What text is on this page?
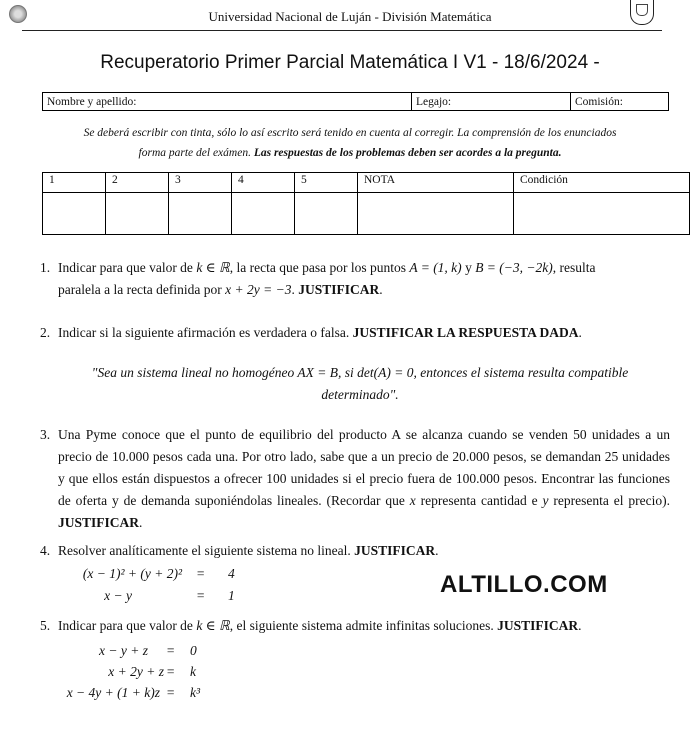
Universidad Nacional de Luján - División Matemática
Recuperatorio Primer Parcial Matemática I V1 - 18/6/2024 -
Nombre y apellido:	Legajo:	Comisión:
Se deberá escribir con tinta, sólo lo así escrito será tenido en cuenta al corregir. La comprensión de los enunciados
forma parte del exámen. Las respuestas de los problemas deben ser acordes a la pregunta.
1	2	3	4	5	NOTA	Condición

1. Indicar para que valor de k ∈ ℝ, la recta que pasa por los puntos A = (1, k) y B = (−3, −2k), resulta
paralela a la recta definida por x + 2y = −3. JUSTIFICAR.
2. Indicar si la siguiente afirmación es verdadera o falsa. JUSTIFICAR LA RESPUESTA DADA.
"Sea un sistema lineal no homogéneo AX = B, si det(A) = 0, entonces el sistema resulta compatible
determinado".
3. Una Pyme conoce que el punto de equilibrio del producto A se alcanza cuando se venden 50 unidades a un precio de 10.000 pesos cada una. Por otro lado, sabe que a un precio de 20.000 pesos, se demandan 25 unidades y que ellos están dispuestos a ofrecer 100 unidades si el precio fuera de 100.000 pesos. Encontrar las funciones de oferta y de demanda suponiéndolas lineales. (Recordar que x representa cantidad e y representa el precio). JUSTIFICAR.
4. Resolver analíticamente el siguiente sistema no lineal. JUSTIFICAR.
(x − 1)² + (y + 2)² = 4
x − y	= 1	ALTILLO.COM
5. Indicar para que valor de k ∈ ℝ, el siguiente sistema admite infinitas soluciones. JUSTIFICAR.
x − y + z = 0
x + 2y + z = k
x − 4y + (1 + k)z = k³
